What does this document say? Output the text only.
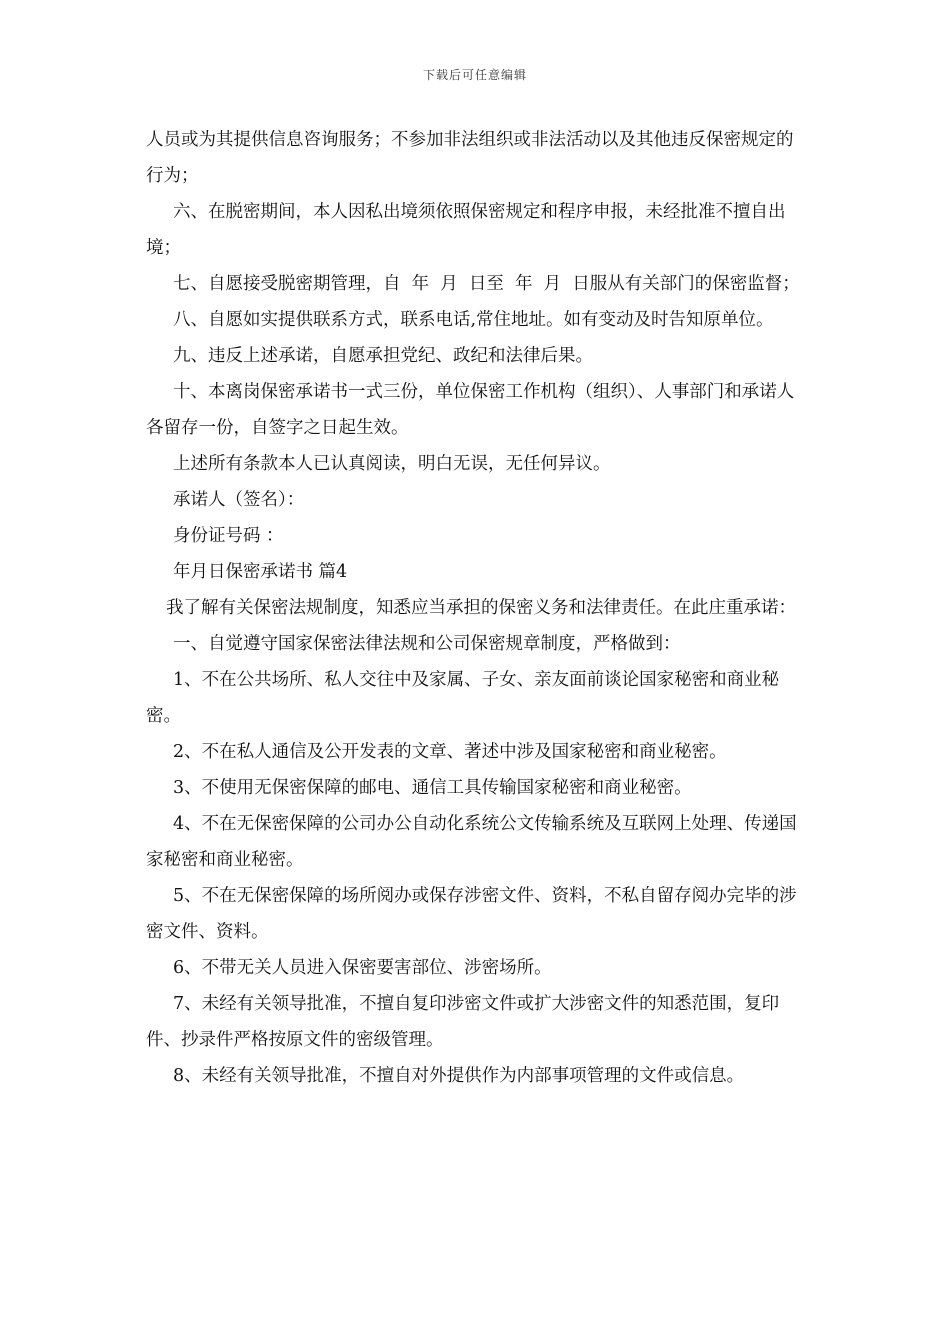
下载后可任意编辑

人员或为其提供信息咨询服务；不参加非法组织或非法活动以及其他违反保密规定的行为；

六、在脱密期间，本人因私出境须依照保密规定和程序申报，未经批准不擅自出境；

七、自愿接受脱密期管理，自  年  月  日至  年  月  日服从有关部门的保密监督；

八、自愿如实提供联系方式，联系电话,常住地址。如有变动及时告知原单位。

九、违反上述承诺，自愿承担党纪、政纪和法律后果。

十、本离岗保密承诺书一式三份，单位保密工作机构（组织）、人事部门和承诺人各留存一份，自签字之日起生效。

上述所有条款本人已认真阅读，明白无误，无任何异议。

承诺人（签名）：

身份证号码 ：

年月日保密承诺书 篇4

我了解有关保密法规制度，知悉应当承担的保密义务和法律责任。在此庄重承诺：

一、自觉遵守国家保密法律法规和公司保密规章制度，严格做到：

1、不在公共场所、私人交往中及家属、子女、亲友面前谈论国家秘密和商业秘密。

2、不在私人通信及公开发表的文章、著述中涉及国家秘密和商业秘密。

3、不使用无保密保障的邮电、通信工具传输国家秘密和商业秘密。

4、不在无保密保障的公司办公自动化系统公文传输系统及互联网上处理、传递国家秘密和商业秘密。

5、不在无保密保障的场所阅办或保存涉密文件、资料，不私自留存阅办完毕的涉密文件、资料。

6、不带无关人员进入保密要害部位、涉密场所。

7、未经有关领导批准，不擅自复印涉密文件或扩大涉密文件的知悉范围，复印件、抄录件严格按原文件的密级管理。

8、未经有关领导批准，不擅自对外提供作为内部事项管理的文件或信息。
